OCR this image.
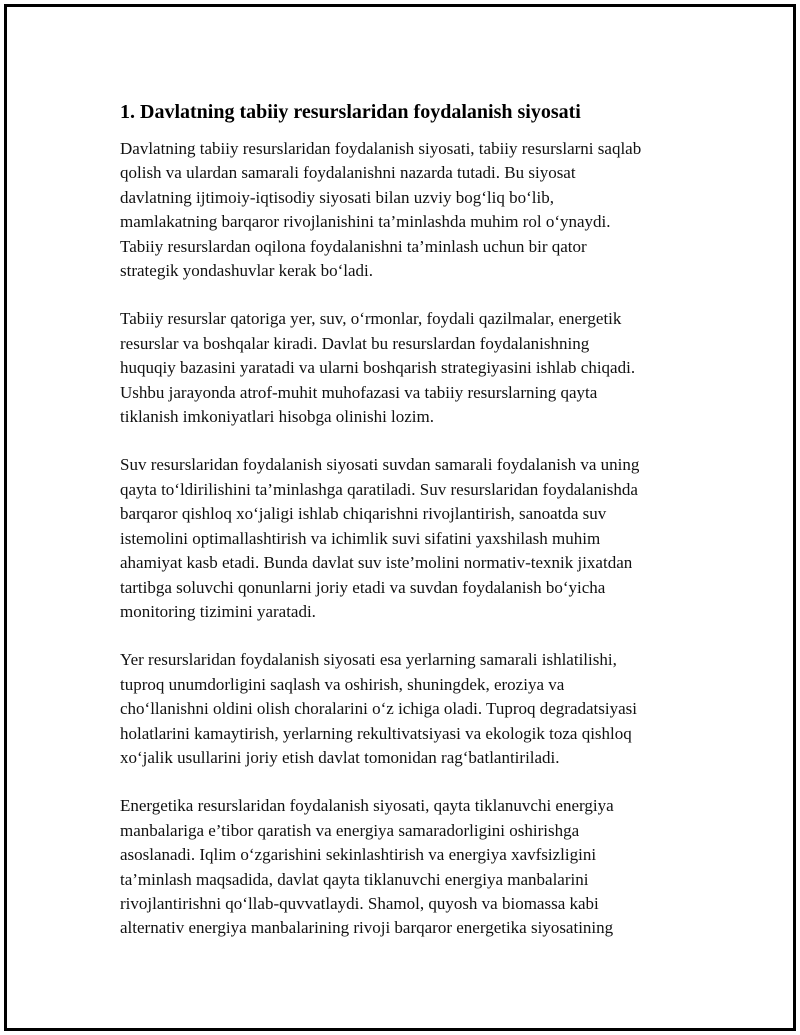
1. Davlatning tabiiy resurslaridan foydalanish siyosati

Davlatning tabiiy resurslaridan foydalanish siyosati, tabiiy resurslarni saqlab
qolish va ulardan samarali foydalanishni nazarda tutadi. Bu siyosat
davlatning ijtimoiy-iqtisodiy siyosati bilan uzviy bog‘liq bo‘lib,
mamlakatning barqaror rivojlanishini ta’minlashda muhim rol o‘ynaydi.
Tabiiy resurslardan oqilona foydalanishni ta’minlash uchun bir qator
strategik yondashuvlar kerak bo‘ladi.

Tabiiy resurslar qatoriga yer, suv, o‘rmonlar, foydali qazilmalar, energetik
resurslar va boshqalar kiradi. Davlat bu resurslardan foydalanishning
huquqiy bazasini yaratadi va ularni boshqarish strategiyasini ishlab chiqadi.
Ushbu jarayonda atrof-muhit muhofazasi va tabiiy resurslarning qayta
tiklanish imkoniyatlari hisobga olinishi lozim.

Suv resurslaridan foydalanish siyosati suvdan samarali foydalanish va uning
qayta to‘ldirilishini ta’minlashga qaratiladi. Suv resurslaridan foydalanishda
barqaror qishloq xo‘jaligi ishlab chiqarishni rivojlantirish, sanoatda suv
istemolini optimallashtirish va ichimlik suvi sifatini yaxshilash muhim
ahamiyat kasb etadi. Bunda davlat suv iste’molini normativ-texnik jixatdan
tartibga soluvchi qonunlarni joriy etadi va suvdan foydalanish bo‘yicha
monitoring tizimini yaratadi.

Yer resurslaridan foydalanish siyosati esa yerlarning samarali ishlatilishi,
tuproq unumdorligini saqlash va oshirish, shuningdek, eroziya va
cho‘llanishni oldini olish choralarini o‘z ichiga oladi. Tuproq degradatsiyasi
holatlarini kamaytirish, yerlarning rekultivatsiyasi va ekologik toza qishloq
xo‘jalik usullarini joriy etish davlat tomonidan rag‘batlantiriladi.

Energetika resurslaridan foydalanish siyosati, qayta tiklanuvchi energiya
manbalariga e’tibor qaratish va energiya samaradorligini oshirishga
asoslanadi. Iqlim o‘zgarishini sekinlashtirish va energiya xavfsizligini
ta’minlash maqsadida, davlat qayta tiklanuvchi energiya manbalarini
rivojlantirishni qo‘llab-quvvatlaydi. Shamol, quyosh va biomassa kabi
alternativ energiya manbalarining rivoji barqaror energetika siyosatining
